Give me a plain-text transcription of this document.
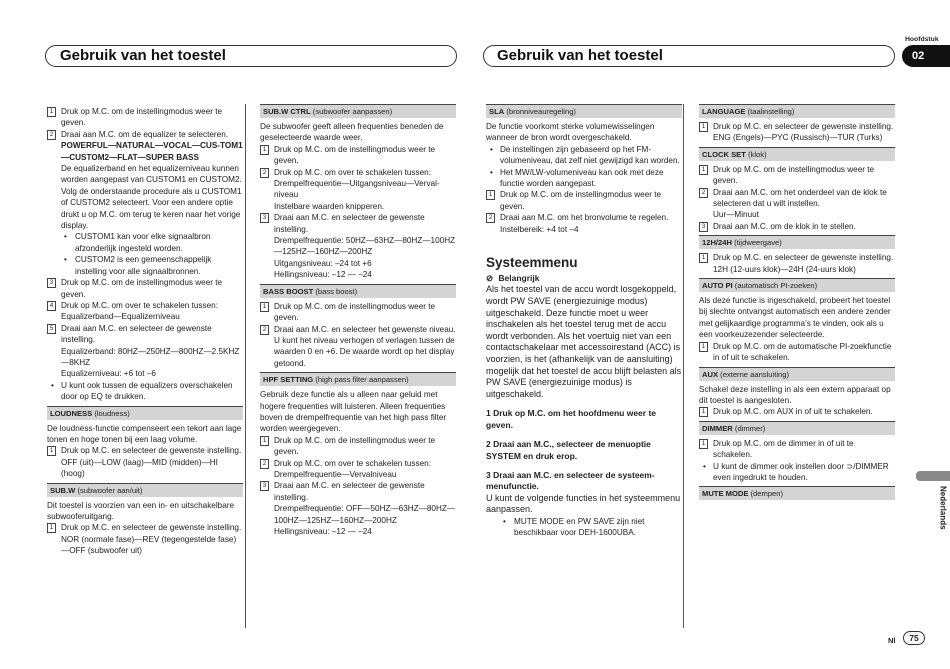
Gebruik van het toestel	Gebruik van het toestel
Hoofdstuk
02
1 Druk op M.C. om de instellingmodus weer te geven.
2 Draai aan M.C. om de equalizer te selecteren.
POWERFUL—NATURAL—VOCAL—CUS-TOM1—CUSTOM2—FLAT—SUPER BASS
De equalizerband en het equalizerniveau kunnen worden aangepast van CUSTOM1 en CUSTOM2.
Volg de onderstaande procedure als u CUSTOM1 of CUSTOM2 selecteert. Voor een andere optie drukt u op M.C. om terug te keren naar het vorige display.
• CUSTOM1 kan voor elke signaalbron afzonderlijk ingesteld worden.
• CUSTOM2 is een gemeenschappelijk instelling voor alle signaalbronnen.
3 Druk op M.C. om de instellingmodus weer te geven.
4 Druk op M.C. om over te schakelen tussen:
Equalizerband—Equalizerniveau
5 Draai aan M.C. en selecteer de gewenste instelling.
Equalizerband: 80HZ—250HZ—800HZ—2.5KHZ—8KHZ
Equalizerniveau: +6 tot –6
• U kunt ook tussen de equalizers overschakelen door op EQ te drukken.
LOUDNESS (loudness)

De loudness-functie compenseert een tekort aan lage tonen en hoge tonen bij een laag volume.

1 Druk op M.C. en selecteer de gewenste instelling.
OFF (uit)—LOW (laag)—MID (midden)—HI (hoog)
SUB.W (subwoofer aan/uit)

Dit toestel is voorzien van een in- en uitschakelbare subwooferuitgang.

1 Druk op M.C. en selecteer de gewenste instelling.
NOR (normale fase)—REV (tegengestelde fase)—OFF (subwoofer uit)
SUB.W CTRL (subwoofer aanpassen)

De subwoofer geeft alleen frequenties beneden de geselecteerde waarde weer.

1 Druk op M.C. om de instellingmodus weer te geven.
2 Druk op M.C. om over te schakelen tussen:
Drempelfrequentie—Uitgangsniveau—Verval-niveau
Instelbare waarden knipperen.
3 Draai aan M.C. en selecteer de gewenste instelling.
Drempelfrequentie: 50HZ—63HZ—80HZ—100HZ—125HZ—160HZ—200HZ
Uitgangsniveau: –24 tot +6
Hellingsniveau: –12 — –24
BASS BOOST (bass boost)
1 Druk op M.C. om de instellingmodus weer te geven.
2 Draai aan M.C. en selecteer het gewenste niveau.
U kunt het niveau verhogen of verlagen tussen de waarden 0 en +6. De waarde wordt op het display getoond.
HPF SETTING (high pass filter aanpassen)

Gebruik deze functie als u alleen naar geluid met hogere frequenties wilt luisteren. Alleen frequenties boven de drempelfrequentie van het high pass filter worden weergegeven.

1 Druk op M.C. om de instellingmodus weer te geven.
2 Druk op M.C. om over te schakelen tussen:
Drempelfrequentie—Vervalniveau
3 Draai aan M.C. en selecteer de gewenste instelling.
Drempelfrequentie: OFF—50HZ—63HZ—80HZ—100HZ—125HZ—160HZ—200HZ
Hellingsniveau: –12 — –24
SLA (bronniveauregeling)

De functie voorkomt sterke volumewisselingen wanneer de bron wordt overgeschakeld.

• De instellingen zijn gebaseerd op het FM-volumeniveau, dat zelf niet gewijzigd kan worden.
• Het MW/LW-volumeniveau kan ook met deze functie worden aangepast.
1 Druk op M.C. om de instellingmodus weer te geven.
2 Draai aan M.C. om het bronvolume te regelen.
Instelbereik: +4 tot –4
Systeemmenu
⊘ Belangrijk

Als het toestel van de accu wordt losgekoppeld, wordt PW SAVE (energiezuinige modus) uitgeschakeld. Deze functie moet u weer inschakelen als het toestel terug met de accu wordt verbonden. Als het voertuig niet van een contactschakelaar met accessoirestand (ACC) is voorzien, is het (afhankelijk van de aansluiting) mogelijk dat het toestel de accu blijft belasten als PW SAVE (energiezuinige modus) is uitgeschakeld.

1 Druk op M.C. om het hoofdmenu weer te geven.

2 Draai aan M.C., selecteer de menuoptie SYSTEM en druk erop.

3 Draai aan M.C. en selecteer de systeem-menufunctie.

U kunt de volgende functies in het systeemmenu aanpassen.

• MUTE MODE en PW SAVE zijn niet beschikbaar voor DEH-1600UBA.
LANGUAGE (taalinstelling)
1 Druk op M.C. en selecteer de gewenste instelling.
ENG (Engels)—PYC (Russisch)—TUR (Turks)
CLOCK SET (klok)
1 Druk op M.C. om de instellingmodus weer te geven.
2 Draai aan M.C. om het onderdeel van de klok te selecteren dat u wilt instellen.
Uur—Minuut
3 Draai aan M.C. om de klok in te stellen.
12H/24H (tijdweergave)
1 Druk op M.C. en selecteer de gewenste instelling.
12H (12-uurs klok)—24H (24-uurs klok)
AUTO PI (automatisch PI-zoeken)

Als deze functie is ingeschakeld, probeert het toestel bij slechte ontvangst automatisch een andere zender met gelijkaardige programma’s te vinden, ook als u een voorkeuzezender selecteerde.

1 Druk op M.C. om de automatische PI-zoekfunctie in of uit te schakelen.
AUX (externe aansluiting)

Schakel deze instelling in als een extern apparaat op dit toestel is aangesloten.

1 Druk op M.C. om AUX in of uit te schakelen.
DIMMER (dimmer)
1 Druk op M.C. om de dimmer in of uit te schakelen.
• U kunt de dimmer ook instellen door ⊃/DIMMER even ingedrukt te houden.
MUTE MODE (dempen)	Nederlands
Nl	75
